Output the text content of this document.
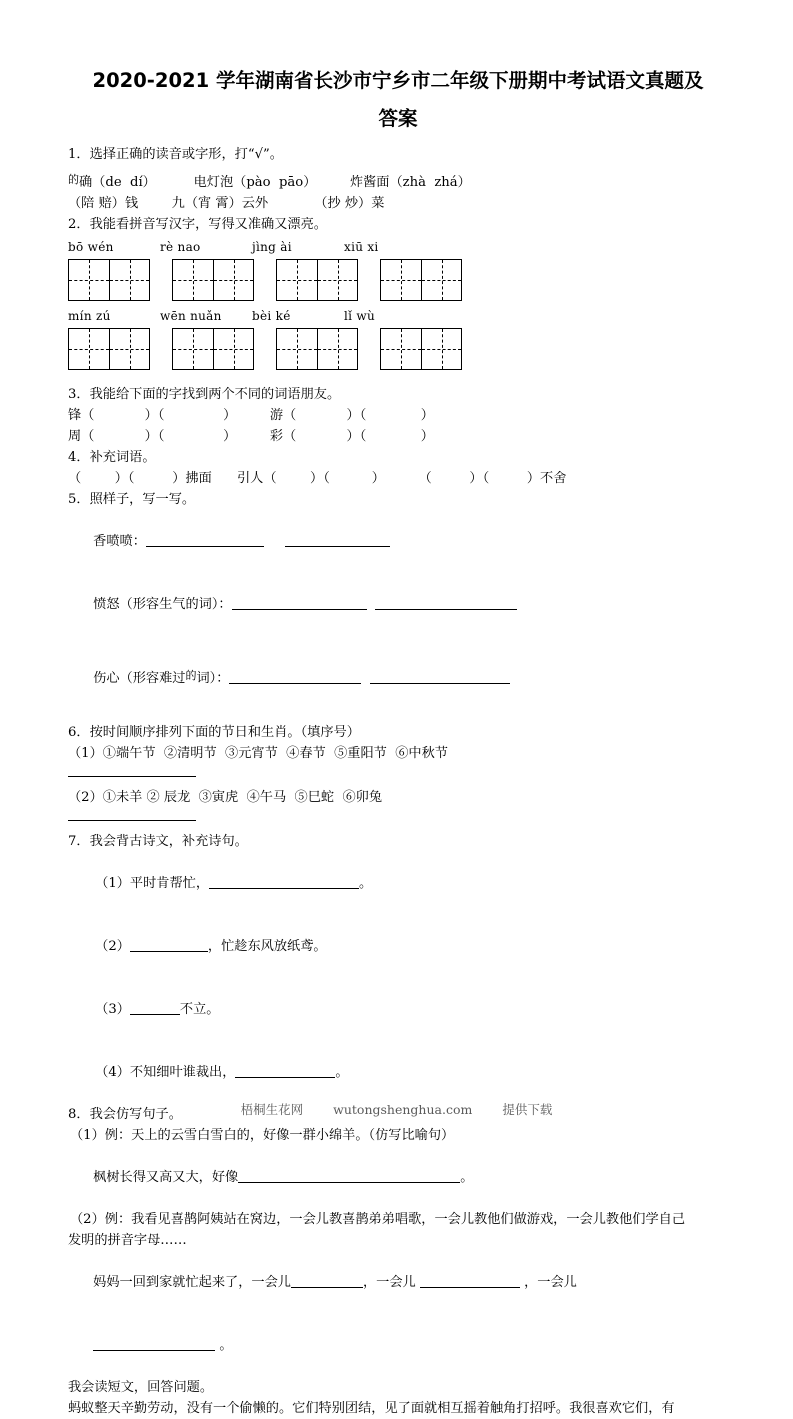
2020-2021 学年湖南省长沙市宁乡市二年级下册期中考试语文真题及
答案

1．选择正确的读音或字形，打“√”。

$^的$确（de  dí）         电灯泡（pào  pāo）        炸酱面（zhà  zhá）

（陪 赔）钱        九（宵 霄）云外           （抄 炒）菜

2．我能看拼音写汉字，写得又准确又漂亮。

bō wén	rè nao	jìng ài	xiū xi

mín zú	wēn nuǎn	bèi ké	lǐ wù

3．我能给下面的字找到两个不同的词语朋友。

锋（            ）（              ）        游（            ）（             ）

周（            ）（              ）        彩（            ）（             ）

4．补充词语。

（        ）（         ）拂面      引人（        ）（          ）        （         ）（         ）不舍

5．照样子，写一写。

香喷喷：

愤怒（形容生气的词）：

伤心（形容难过$^的$词）：

6．按时间顺序排列下面的节日和生肖。（填序号）

（1）①端午节  ②清明节  ③元宵节  ④春节  ⑤重阳节  ⑥中秋节

（2）①未羊 ② 辰龙  ③寅虎  ④午马  ⑤巳蛇  ⑥卯兔

7．我会背古诗文，补充诗句。

（1）平时肯帮忙，	。

（2）	，忙趁东风放纸鸢。

（3）	不立。

（4）不知细叶谁裁出，	。

8．我会仿写句子。

（1）例：天上的云雪白雪白的，好像一群小绵羊。（仿写比喻句）

枫树长得又高又大，好像	。

（2）例：我看见喜鹊阿姨站在窝边，一会儿教喜鹊弟弟唱歌，一会儿教他们做游戏，一会儿教他们学自己

发明的拼音字母……

妈妈一回到家就忙起来了，一会儿	，一会儿	，一会儿

。

我会读短文，回答问题。

蚂蚁整天辛勤劳动，没有一个偷懒的。它们特别团结，见了面就相互摇着触角打招呼。我很喜欢它们，有

梧桐生花网 wutongshenghua.com 提供下载
